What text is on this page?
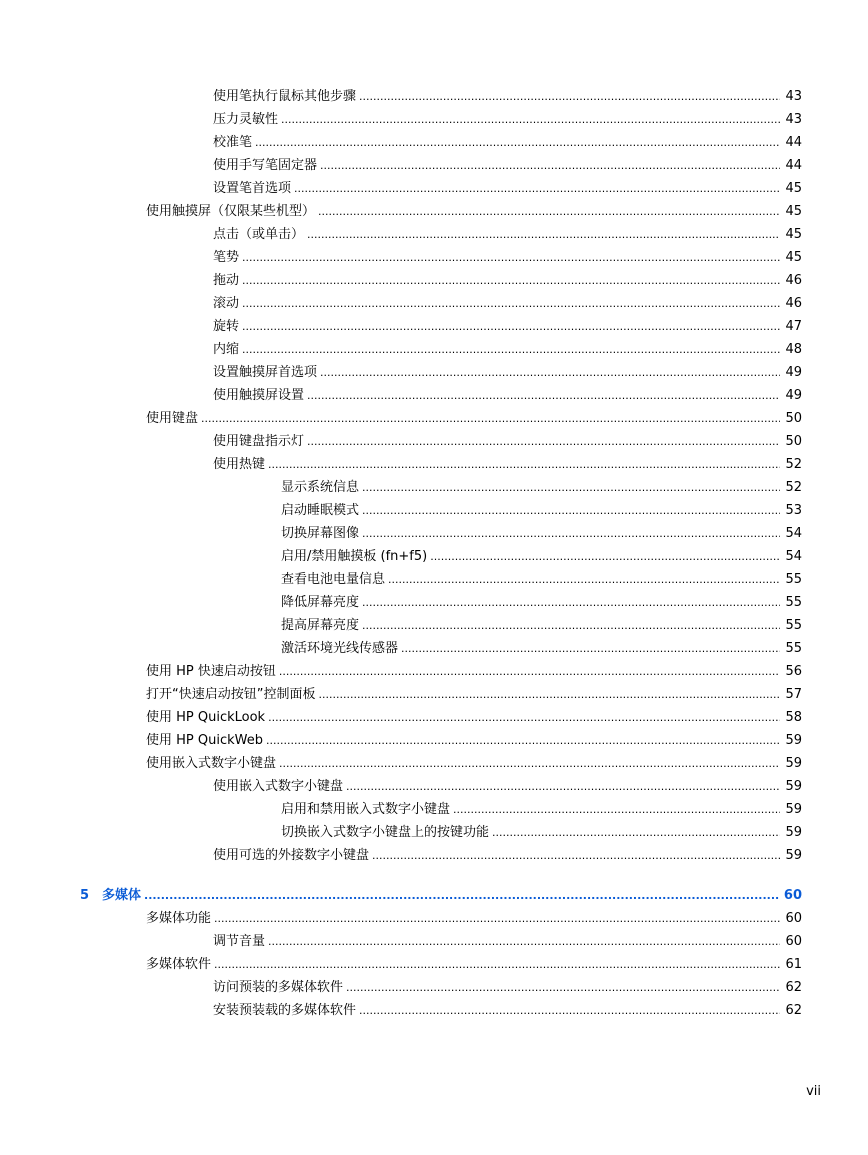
使用笔执行鼠标其他步骤 .....	43
压力灵敏性 .....	43
校准笔 .....	44
使用手写笔固定器 .....	44
设置笔首选项 .....	45
使用触摸屏（仅限某些机型） .....	45
点击（或单击） .....	45
笔势 .....	45
拖动 .....	46
滚动 .....	46
旋转 .....	47
内缩 .....	48
设置触摸屏首选项 .....	49
使用触摸屏设置 .....	49
使用键盘 .....	50
使用键盘指示灯 .....	50
使用热键 .....	52
显示系统信息 .....	52
启动睡眠模式 .....	53
切换屏幕图像 .....	54
启用/禁用触摸板 (fn+f5) .....	54
查看电池电量信息 .....	55
降低屏幕亮度 .....	55
提高屏幕亮度 .....	55
激活环境光线传感器 .....	55
使用 HP 快速启动按钮 .....	56
打开“快速启动按钮”控制面板 .....	57
使用 HP QuickLook .....	58
使用 HP QuickWeb .....	59
使用嵌入式数字小键盘 .....	59
使用嵌入式数字小键盘 .....	59
启用和禁用嵌入式数字小键盘 .....	59
切换嵌入式数字小键盘上的按键功能 .....	59
使用可选的外接数字小键盘 .....	59
5 多媒体 .....	60
多媒体功能 .....	60
调节音量 .....	60
多媒体软件 .....	61
访问预装的多媒体软件 .....	62
安装预装载的多媒体软件 .....	62
vii
